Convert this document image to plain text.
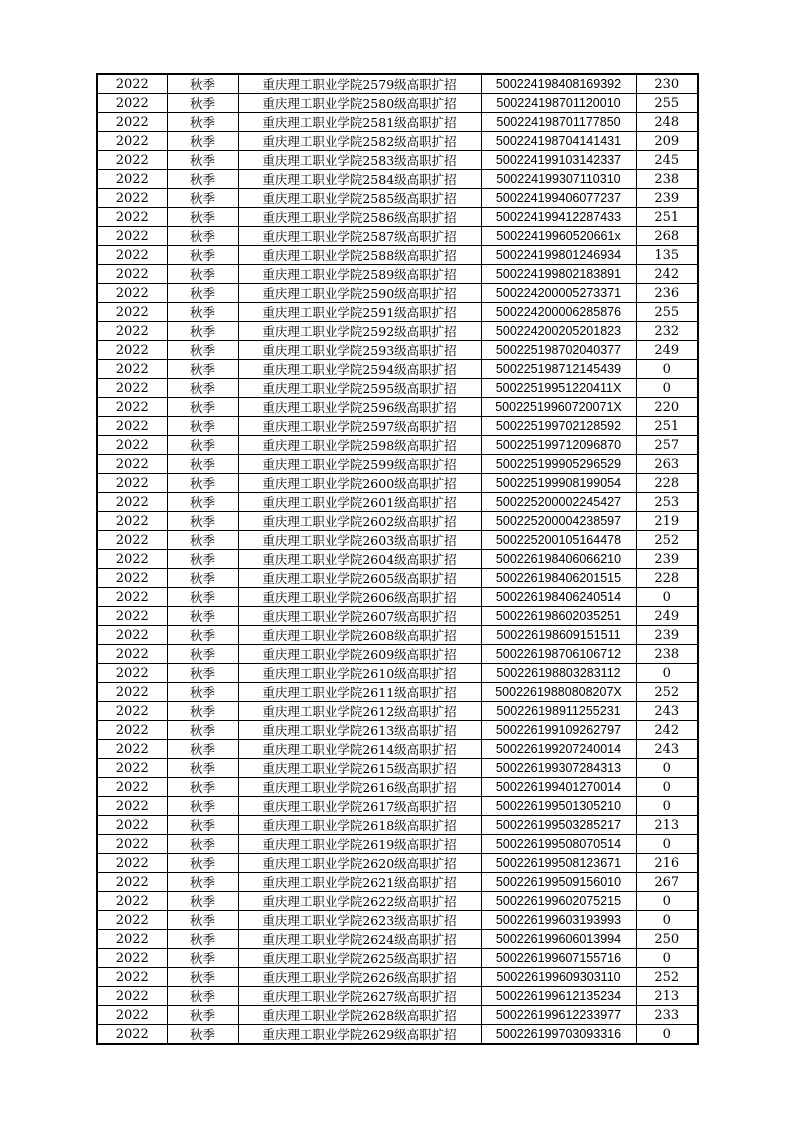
2022	秋季	重庆理工职业学院2579级高职扩招	500224198408169392	230
2022	秋季	重庆理工职业学院2580级高职扩招	500224198701120010	255
2022	秋季	重庆理工职业学院2581级高职扩招	500224198701177850	248
2022	秋季	重庆理工职业学院2582级高职扩招	500224198704141431	209
2022	秋季	重庆理工职业学院2583级高职扩招	500224199103142337	245
2022	秋季	重庆理工职业学院2584级高职扩招	500224199307110310	238
2022	秋季	重庆理工职业学院2585级高职扩招	500224199406077237	239
2022	秋季	重庆理工职业学院2586级高职扩招	500224199412287433	251
2022	秋季	重庆理工职业学院2587级高职扩招	50022419960520661x	268
2022	秋季	重庆理工职业学院2588级高职扩招	500224199801246934	135
2022	秋季	重庆理工职业学院2589级高职扩招	500224199802183891	242
2022	秋季	重庆理工职业学院2590级高职扩招	500224200005273371	236
2022	秋季	重庆理工职业学院2591级高职扩招	500224200006285876	255
2022	秋季	重庆理工职业学院2592级高职扩招	500224200205201823	232
2022	秋季	重庆理工职业学院2593级高职扩招	500225198702040377	249
2022	秋季	重庆理工职业学院2594级高职扩招	500225198712145439	0
2022	秋季	重庆理工职业学院2595级高职扩招	50022519951220411X	0
2022	秋季	重庆理工职业学院2596级高职扩招	50022519960720071X	220
2022	秋季	重庆理工职业学院2597级高职扩招	500225199702128592	251
2022	秋季	重庆理工职业学院2598级高职扩招	500225199712096870	257
2022	秋季	重庆理工职业学院2599级高职扩招	500225199905296529	263
2022	秋季	重庆理工职业学院2600级高职扩招	500225199908199054	228
2022	秋季	重庆理工职业学院2601级高职扩招	500225200002245427	253
2022	秋季	重庆理工职业学院2602级高职扩招	500225200004238597	219
2022	秋季	重庆理工职业学院2603级高职扩招	500225200105164478	252
2022	秋季	重庆理工职业学院2604级高职扩招	500226198406066210	239
2022	秋季	重庆理工职业学院2605级高职扩招	500226198406201515	228
2022	秋季	重庆理工职业学院2606级高职扩招	500226198406240514	0
2022	秋季	重庆理工职业学院2607级高职扩招	500226198602035251	249
2022	秋季	重庆理工职业学院2608级高职扩招	500226198609151511	239
2022	秋季	重庆理工职业学院2609级高职扩招	500226198706106712	238
2022	秋季	重庆理工职业学院2610级高职扩招	500226198803283112	0
2022	秋季	重庆理工职业学院2611级高职扩招	50022619880808207X	252
2022	秋季	重庆理工职业学院2612级高职扩招	500226198911255231	243
2022	秋季	重庆理工职业学院2613级高职扩招	500226199109262797	242
2022	秋季	重庆理工职业学院2614级高职扩招	500226199207240014	243
2022	秋季	重庆理工职业学院2615级高职扩招	500226199307284313	0
2022	秋季	重庆理工职业学院2616级高职扩招	500226199401270014	0
2022	秋季	重庆理工职业学院2617级高职扩招	500226199501305210	0
2022	秋季	重庆理工职业学院2618级高职扩招	500226199503285217	213
2022	秋季	重庆理工职业学院2619级高职扩招	500226199508070514	0
2022	秋季	重庆理工职业学院2620级高职扩招	500226199508123671	216
2022	秋季	重庆理工职业学院2621级高职扩招	500226199509156010	267
2022	秋季	重庆理工职业学院2622级高职扩招	500226199602075215	0
2022	秋季	重庆理工职业学院2623级高职扩招	500226199603193993	0
2022	秋季	重庆理工职业学院2624级高职扩招	500226199606013994	250
2022	秋季	重庆理工职业学院2625级高职扩招	500226199607155716	0
2022	秋季	重庆理工职业学院2626级高职扩招	500226199609303110	252
2022	秋季	重庆理工职业学院2627级高职扩招	500226199612135234	213
2022	秋季	重庆理工职业学院2628级高职扩招	500226199612233977	233
2022	秋季	重庆理工职业学院2629级高职扩招	500226199703093316	0
